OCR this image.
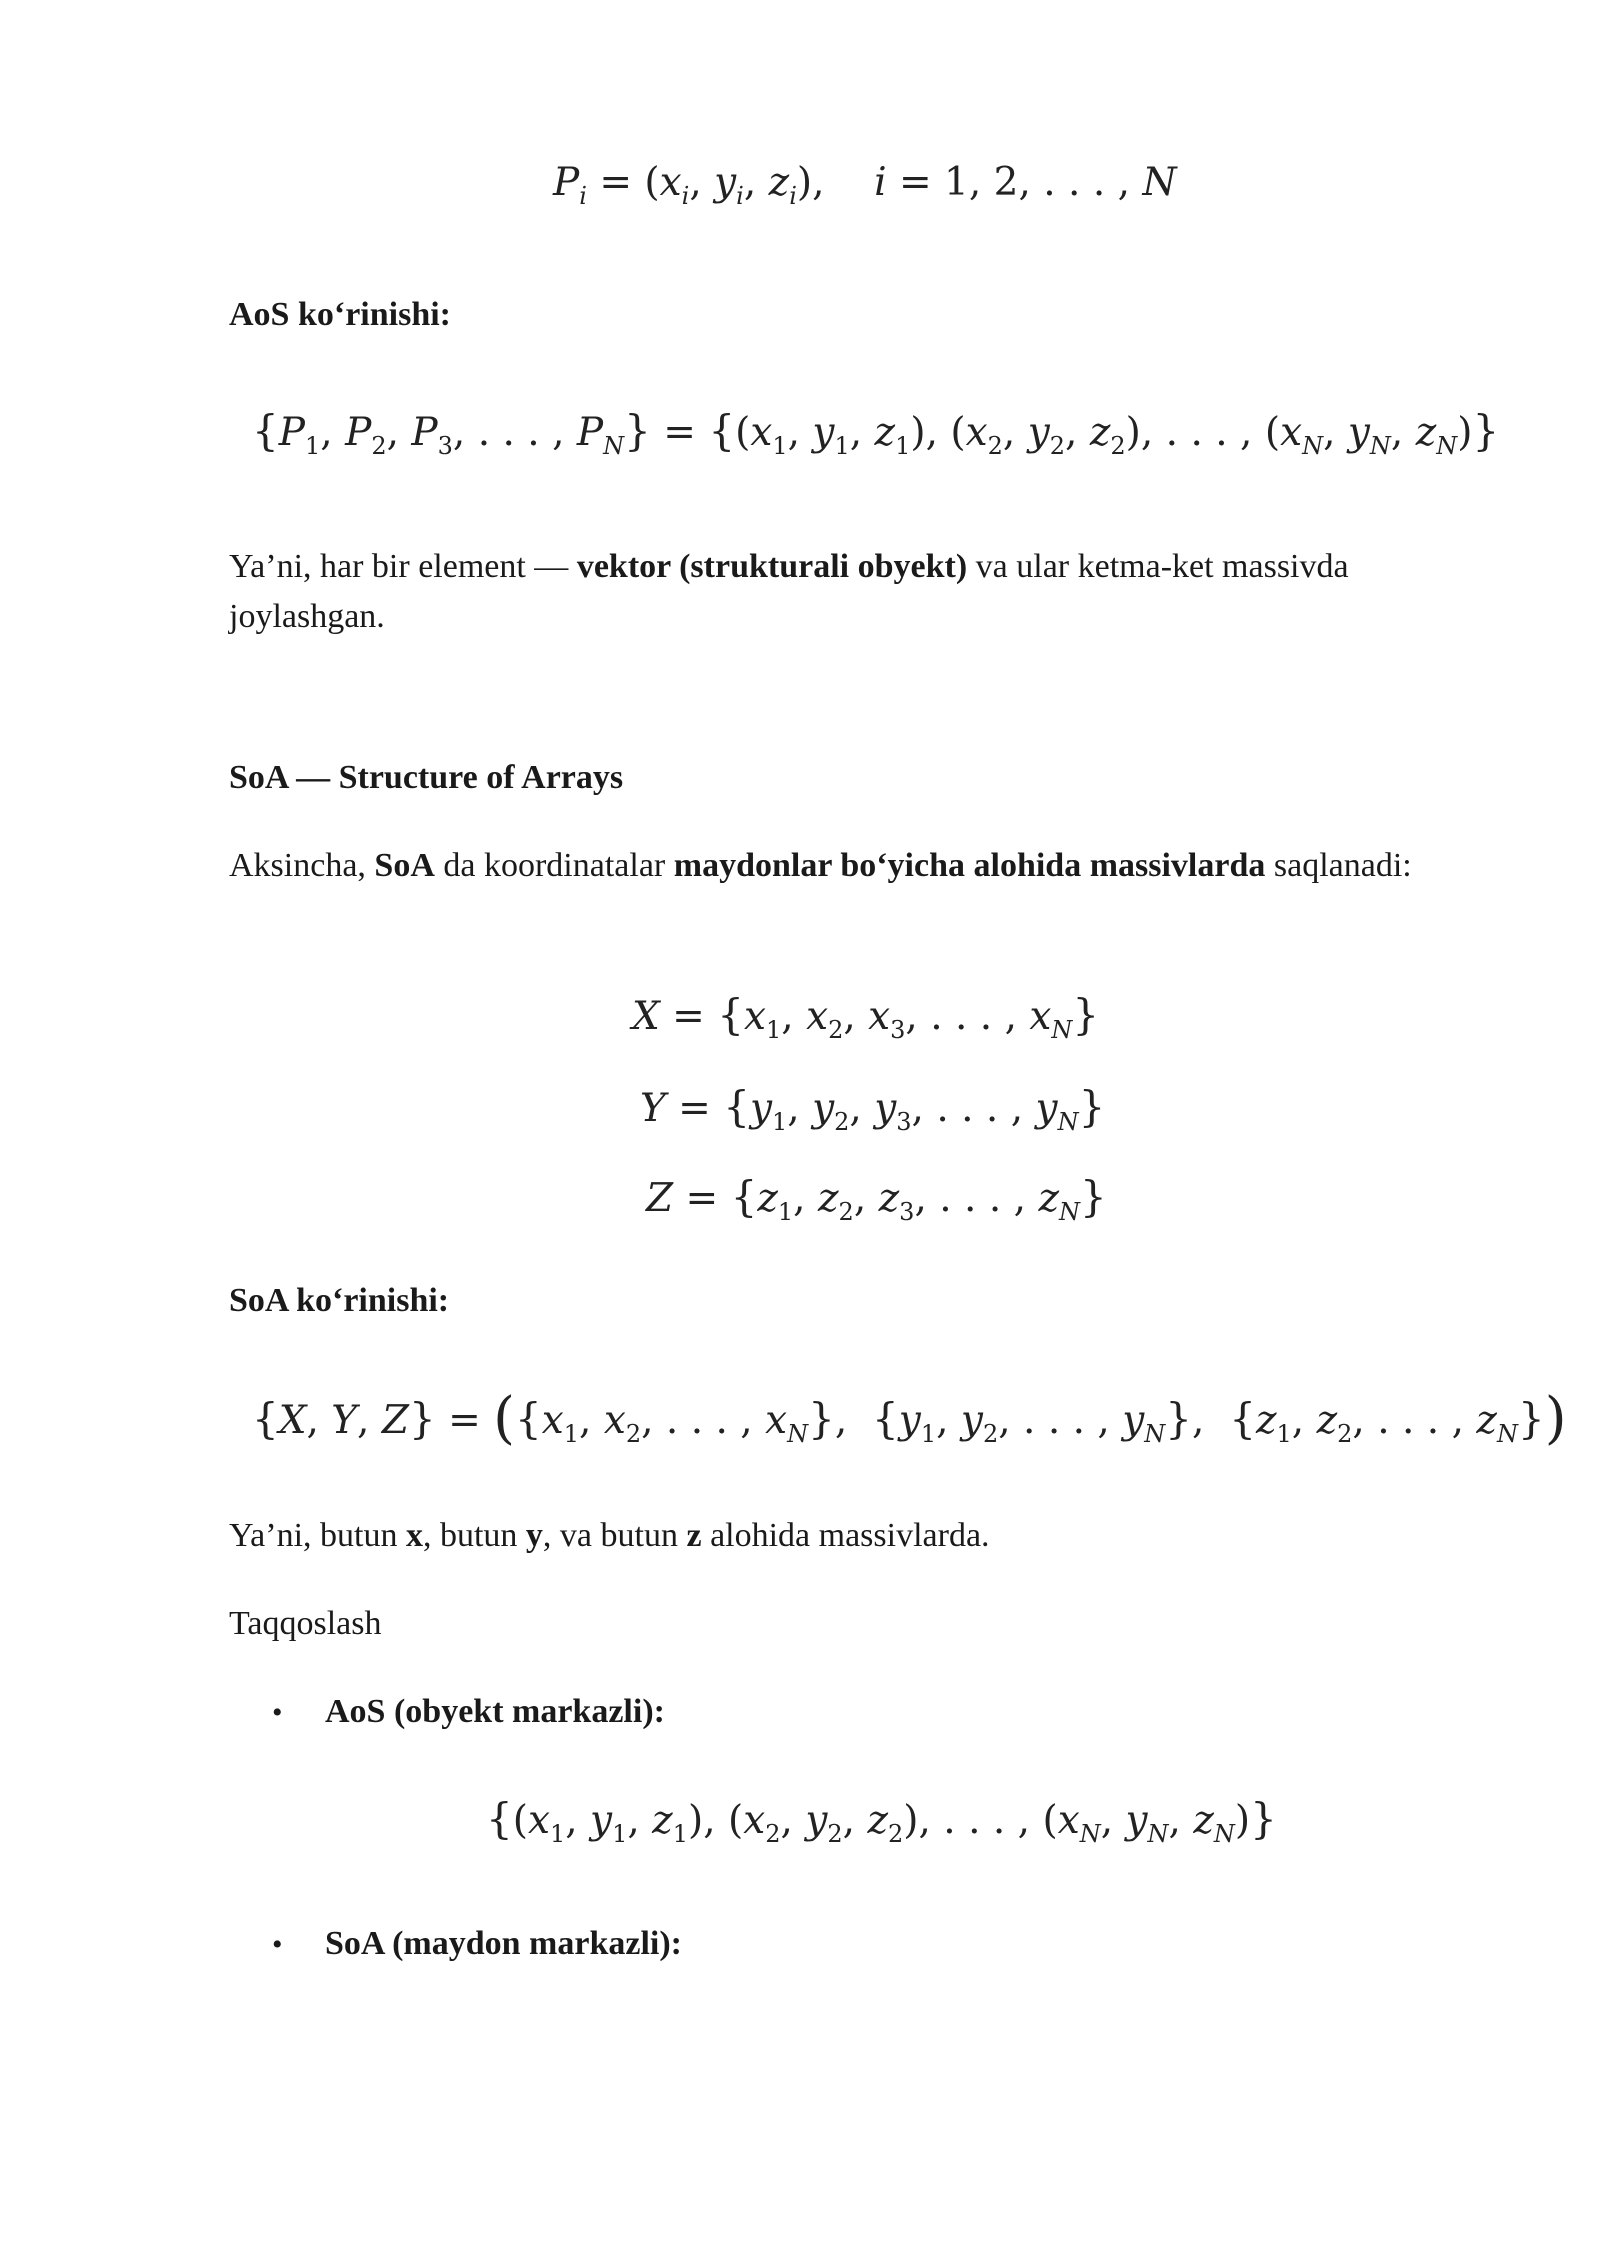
$P_i = (x_i$, $y_i$, $z_i$),    i = 1, 2, . . . , N
AoS ko‘rinishi:
{$P_1$, $P_2$, $P_3$, . . . , $P_N\} = \{(x_1$, $y_1$, $z_1$), ($x_2$, $y_2$, $z_2$), . . . , ($x_N$, $y_N$, $z_N$)}
Ya’ni, har bir element — vektor (strukturali obyekt) va ular ketma-ket massivda joylashgan.
SoA — Structure of Arrays
Aksincha, SoA da koordinatalar maydonlar bo‘yicha alohida massivlarda saqlanadi:
$X = \{x_1$, $x_2$, $x_3$, . . . , $x_N$}
$Y = \{y_1$, $y_2$, $y_3$, . . . , $y_N$}
$Z = \{z_1$, $z_2$, $z_3$, . . . , $z_N$}
SoA ko‘rinishi:
{X, Y, $Z\} = (\{x_1$, $x_2$, . . . , $x_N$},  {$y_1$, $y_2$, . . . , $y_N$},  {$z_1$, $z_2$, . . . , $z_N$})
Ya’ni, butun x, butun y, va butun z alohida massivlarda.
Taqqoslash
• AoS (obyekt markazli):
{($x_1$, $y_1$, $z_1$), ($x_2$, $y_2$, $z_2$), . . . , ($x_N$, $y_N$, $z_N$)}
• SoA (maydon markazli):
